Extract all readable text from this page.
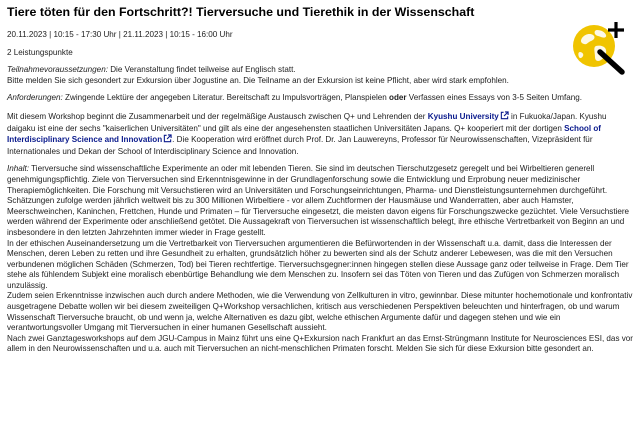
Tiere töten für den Fortschritt?! Tierversuche und Tierethik in der Wissenschaft
20.11.2023 | 10:15 - 17:30 Uhr | 21.11.2023 | 10:15 - 16:00 Uhr
2 Leistungspunkte

Teilnahmevoraussetzungen: Die Veranstaltung findet teilweise auf Englisch statt.
Bitte melden Sie sich gesondert zur Exkursion über Jogustine an. Die Teilname an der Exkursion ist keine Pflicht, aber wird stark empfohlen.

Anforderungen: Zwingende Lektüre der angegeben Literatur. Bereitschaft zu Impulsvorträgen, Planspielen oder Verfassen eines Essays von 3-5 Seiten Umfang.

Mit diesem Workshop beginnt die Zusammenarbeit und der regelmäßige Austausch zwischen Q+ und Lehrenden der Kyushu University in Fukuoka/Japan. Kyushu daigaku ist eine der sechs "kaiserlichen Universitäten" und gilt als eine der angesehensten staatlichen Universitäten Japans. Q+ kooperiert mit der dortigen School of Interdisciplinary Science and Innovation . Die Kooperation wird eröffnet durch Prof. Dr. Jan Lauwereyns, Professor für Neurowissenschaften, Vizepräsident für Internationales und Dekan der School of Interdisciplinary Science and Innovation.

Inhalt: Tierversuche sind wissenschaftliche Experimente an oder mit lebenden Tieren. Sie sind im deutschen Tierschutzgesetz geregelt und bei Wirbeltieren generell genehmigungspflichtig. Ziele von Tierversuchen sind Erkenntnisgewinne in der Grundlagenforschung sowie die Entwicklung und Erprobung neuer medizinischer Therapiemöglichkeiten. Die Forschung mit Versuchstieren wird an Universitäten und Forschungseinrichtungen, Pharma- und Dienstleistungsunternehmen durchgeführt. Schätzungen zufolge werden jährlich weltweit bis zu 300 Millionen Wirbeltiere - vor allem Zuchtformen der Hausmäuse und Wanderratten, aber auch Hamster, Meerschweinchen, Kaninchen, Frettchen, Hunde und Primaten – für Tierversuche eingesetzt, die meisten davon eigens für Forschungszwecke gezüchtet. Viele Versuchstiere werden während der Experimente oder anschließend getötet. Die Aussagekraft von Tierversuchen ist wissenschaftlich belegt, ihre ethische Vertretbarkeit von Beginn an und insbesondere in den letzten Jahrzehnten immer wieder in Frage gestellt.

In der ethischen Auseinandersetzung um die Vertretbarkeit von Tierversuchen argumentieren die Befürwortenden in der Wissenschaft u.a. damit, dass die Interessen der Menschen, deren Leben zu retten und ihre Gesundheit zu erhalten, grundsätzlich höher zu bewerten sind als der Schutz anderer Lebewesen, was die mit den Versuchen verbundenen möglichen Schäden (Schmerzen, Tod) bei Tieren rechtfertige. Tierversuchsgegner:innen hingegen stellen diese Aussage ganz oder teilweise in Frage. Dem Tier stehe als fühlendem Subjekt eine moralisch ebenbürtige Behandlung wie dem Menschen zu. Insofern sei das Töten von Tieren und das Zufügen von Schmerzen moralisch unzulässig.

Zudem seien Erkenntnisse inzwischen auch durch andere Methoden, wie die Verwendung von Zellkulturen in vitro, gewinnbar. Diese mitunter hochemotionale und konfrontativ ausgetragene Debatte wollen wir bei diesem zweiteiligen Q+Workshop versachlichen, kritisch aus verschiedenen Perspektiven beleuchten und hinterfragen, ob und warum Wissenschaft Tierversuche braucht, ob und wenn ja, welche Alternativen es dazu gibt, welche ethischen Argumente dafür und dagegen stehen und wie ein verantwortungsvoller Umgang mit Tierversuchen in einer humanen Gesellschaft aussieht.

Nach zwei Ganztagesworkshops auf dem JGU-Campus in Mainz führt uns eine Q+Exkursion nach Frankfurt an das Ernst-Strüngmann Institute for Neurosciences ESI, das vor allem in den Neurowissenschaften und u.a. auch mit Tierversuchen an nicht-menschlichen Primaten forscht. Melden Sie sich für diese Exkursion bitte gesondert an.
